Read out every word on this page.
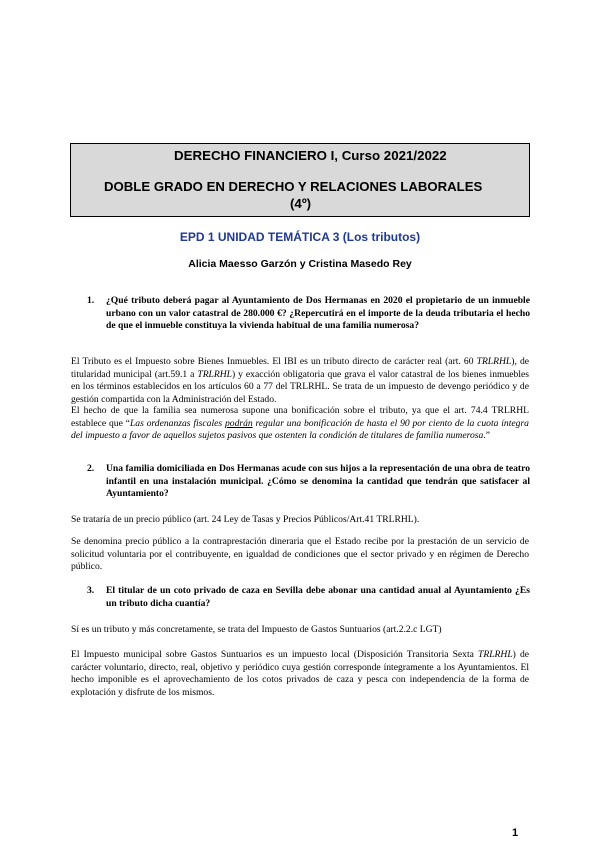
DERECHO FINANCIERO I, Curso 2021/2022
DOBLE GRADO EN DERECHO Y RELACIONES LABORALES
(4º)
EPD 1 UNIDAD TEMÁTICA 3 (Los tributos)
Alicia Maesso Garzón y Cristina Masedo Rey
1. ¿Qué tributo deberá pagar al Ayuntamiento de Dos Hermanas en 2020 el propietario de un inmueble urbano con un valor catastral de 280.000 €? ¿Repercutirá en el importe de la deuda tributaria el hecho de que el inmueble constituya la vivienda habitual de una familia numerosa?
El Tributo es el Impuesto sobre Bienes Inmuebles. El IBI es un tributo directo de carácter real (art. 60 TRLRHL), de titularidad municipal (art.59.1 a TRLRHL) y exacción obligatoria que grava el valor catastral de los bienes inmuebles en los términos establecidos en los artículos 60 a 77 del TRLRHL. Se trata de un impuesto de devengo periódico y de gestión compartida con la Administración del Estado.
El hecho de que la familia sea numerosa supone una bonificación sobre el tributo, ya que el art. 74.4 TRLRHL establece que “Las ordenanzas fiscales podrán regular una bonificación de hasta el 90 por ciento de la cuota íntegra del impuesto a favor de aquellos sujetos pasivos que ostenten la condición de titulares de familia numerosa.”
2. Una familia domiciliada en Dos Hermanas acude con sus hijos a la representación de una obra de teatro infantil en una instalación municipal. ¿Cómo se denomina la cantidad que tendrán que satisfacer al Ayuntamiento?
Se trataría de un precio público (art. 24 Ley de Tasas y Precios Públicos/Art.41 TRLRHL).
Se denomina precio público a la contraprestación dineraria que el Estado recibe por la prestación de un servicio de solicitud voluntaria por el contribuyente, en igualdad de condiciones que el sector privado y en régimen de Derecho público.
3. El titular de un coto privado de caza en Sevilla debe abonar una cantidad anual al Ayuntamiento ¿Es un tributo dicha cuantía?
Sí es un tributo y más concretamente, se trata del Impuesto de Gastos Suntuarios (art.2.2.c LGT)
El Impuesto municipal sobre Gastos Suntuarios es un impuesto local (Disposición Transitoria Sexta TRLRHL) de carácter voluntario, directo, real, objetivo y periódico cuya gestión corresponde íntegramente a los Ayuntamientos. El hecho imponible es el aprovechamiento de los cotos privados de caza y pesca con independencia de la forma de explotación y disfrute de los mismos.
1
